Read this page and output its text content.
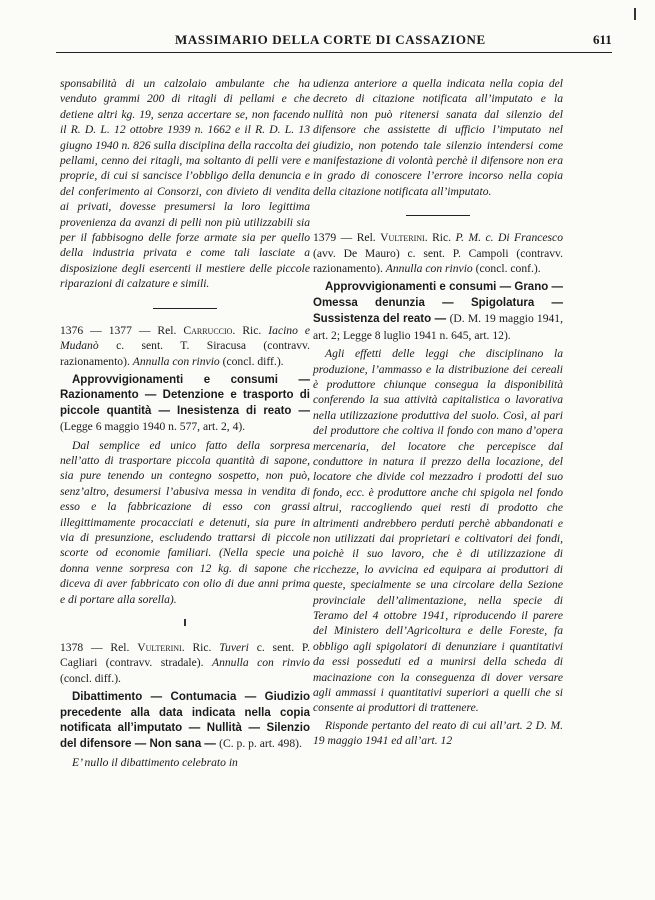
MASSIMARIO DELLA CORTE DI CASSAZIONE	611

sponsabilità di un calzolaio ambulante che ha venduto grammi 200 di ritagli di pellami e che detiene altri kg. 19, senza accertare se, non facendo il R. D. L. 12 ottobre 1939 n. 1662 e il R. D. L. 13 giugno 1940 n. 826 sulla disciplina della raccolta dei pellami, cenno dei ritagli, ma soltanto di pelli vere e proprie, di cui si sancisce l’obbligo della denuncia e del conferimento ai Consorzi, con divieto di vendita ai privati, dovesse presumersi la loro legittima provenienza da avanzi di pelli non più utilizzabili sia per il fabbisogno delle forze armate sia per quello della industria privata e come tali lasciate a disposizione degli esercenti il mestiere delle piccole riparazioni di calzature e simili.

1376 — 1377 — Rel. Carruccio. Ric. Iacino e Mudanò c. sent. T. Siracusa (contravv. razionamento). Annulla con rinvio (concl. diff.).

Approvvigionamenti e consumi — Razionamento — Detenzione e trasporto di piccole quantità — Inesistenza di reato — (Legge 6 maggio 1940 n. 577, art. 2, 4).

Dal semplice ed unico fatto della sorpresa nell’atto di trasportare piccola quantità di sapone, sia pure tenendo un contegno sospetto, non può, senz’altro, desumersi l’abusiva messa in vendita di esso e la fabbricazione di esso con grassi illegittimamente procacciati e detenuti, sia pure in via di presunzione, escludendo trattarsi di piccole scorte od economie familiari. (Nella specie una donna venne sorpresa con 12 kg. di sapone che diceva di aver fabbricato con olio di due anni prima e di portare alla sorella).

1378 — Rel. Vulterini. Ric. Tuveri c. sent. P. Cagliari (contravv. stradale). Annulla con rinvio (concl. diff.).

Dibattimento — Contumacia — Giudizio precedente alla data indicata nella copia notificata all’imputato — Nullità — Silenzio del difensore — Non sana — (C. p. p. art. 498).

E’ nullo il dibattimento celebrato in

udienza anteriore a quella indicata nella copia del decreto di citazione notificata all’imputato e la nullità non può ritenersi sanata dal silenzio del difensore che assistette di ufficio l’imputato nel giudizio, non potendo tale silenzio intendersi come manifestazione di volontà perchè il difensore non era in grado di conoscere l’errore incorso nella copia della citazione notificata all’imputato.

1379 — Rel. Vulterini. Ric. P. M. c. Di Francesco (avv. De Mauro) c. sent. P. Campoli (contravv. razionamento). Annulla con rinvio (concl. conf.).

Approvvigionamenti e consumi — Grano — Omessa denunzia — Spigolatura — Sussistenza del reato — (D. M. 19 maggio 1941, art. 2; Legge 8 luglio 1941 n. 645, art. 12).

Agli effetti delle leggi che disciplinano la produzione, l’ammasso e la distribuzione dei cereali è produttore chiunque consegua la disponibilità conferendo la sua attività capitalistica o lavorativa nella utilizzazione produttiva del suolo. Così, al pari del produttore che coltiva il fondo con mano d’opera mercenaria, del locatore che percepisce dal conduttore in natura il prezzo della locazione, del locatore che divide col mezzadro i prodotti del suo fondo, ecc. è produttore anche chi spigola nel fondo altrui, raccogliendo quei resti di prodotto che altrimenti andrebbero perduti perchè abbandonati e non utilizzati dai proprietari e coltivatori dei fondi, poichè il suo lavoro, che è di utilizzazione di ricchezze, lo avvicina ed equipara ai produttori di queste, specialmente se una circolare della Sezione provinciale dell’alimentazione, nella specie di Teramo del 4 ottobre 1941, riproducendo il parere del Ministero dell’Agricoltura e delle Foreste, fa obbligo agli spigolatori di denunziare i quantitativi da essi posseduti ed a munirsi della scheda di macinazione con la conseguenza di dover versare agli ammassi i quantitativi superiori a quelli che si consente ai produttori di trattenere.

Risponde pertanto del reato di cui all’art. 2 D. M. 19 maggio 1941 ed all’art. 12
